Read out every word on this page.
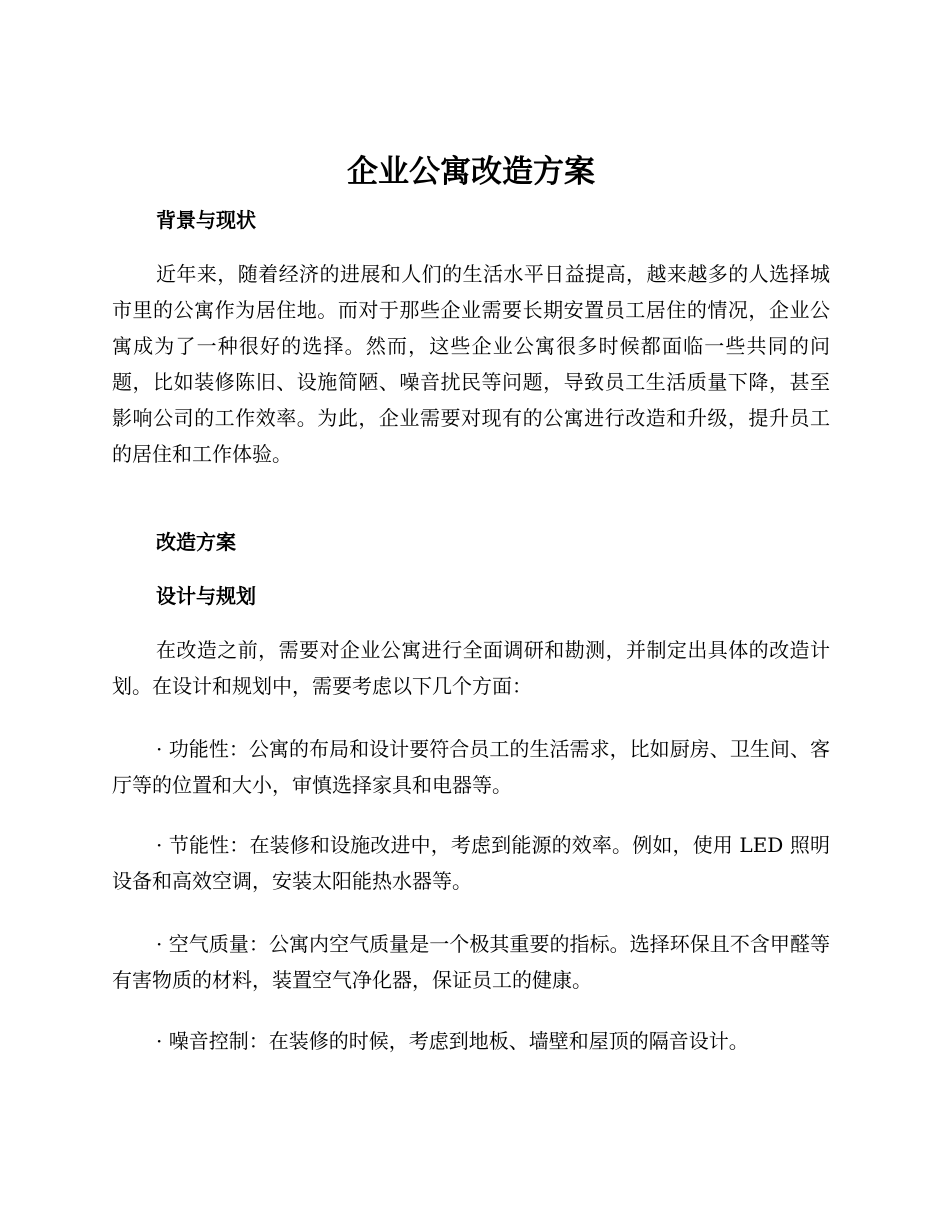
企业公寓改造方案
背景与现状

近年来，随着经济的进展和人们的生活水平日益提高，越来越多的人选择城市里的公寓作为居住地。而对于那些企业需要长期安置员工居住的情况，企业公寓成为了一种很好的选择。然而，这些企业公寓很多时候都面临一些共同的问题，比如装修陈旧、设施简陋、噪音扰民等问题，导致员工生活质量下降，甚至影响公司的工作效率。为此，企业需要对现有的公寓进行改造和升级，提升员工的居住和工作体验。

改造方案
设计与规划

在改造之前，需要对企业公寓进行全面调研和勘测，并制定出具体的改造计划。在设计和规划中，需要考虑以下几个方面：

· 功能性：公寓的布局和设计要符合员工的生活需求，比如厨房、卫生间、客厅等的位置和大小，审慎选择家具和电器等。

· 节能性：在装修和设施改进中，考虑到能源的效率。例如，使用 LED 照明设备和高效空调，安装太阳能热水器等。

· 空气质量：公寓内空气质量是一个极其重要的指标。选择环保且不含甲醛等有害物质的材料，装置空气净化器，保证员工的健康。

· 噪音控制：在装修的时候，考虑到地板、墙壁和屋顶的隔音设计。
